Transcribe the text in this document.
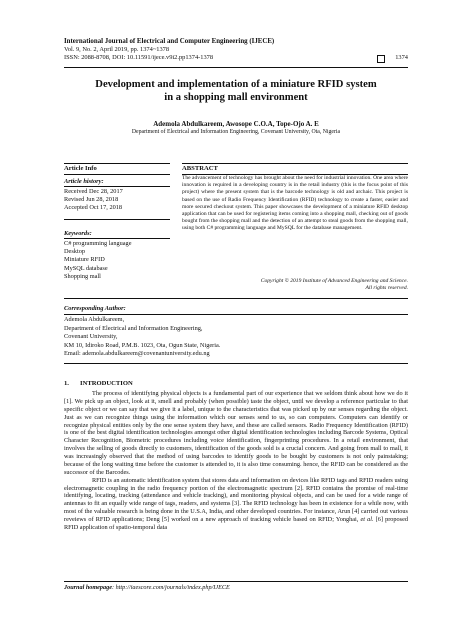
International Journal of Electrical and Computer Engineering (IJECE)
Vol. 9, No. 2, April 2019, pp. 1374~1378
ISSN: 2088-8708, DOI: 10.11591/ijece.v9i2.pp1374-1378	1374
Development and implementation of a miniature RFID system
in a shopping mall environment
Ademola Abdulkareem, Awosope C.O.A, Tope-Ojo A. E
Department of Electrical and Information Engineering, Covenant University, Ota, Nigeria
Article Info	ABSTRACT
Article history:
Received Dec 28, 2017
Revised Jun 28, 2018
Accepted Oct 17, 2018
Keywords:
C# programming language
Desktop
Miniature RFID
MySQL database
Shopping mall
The advancement of technology has brought about the need for industrial innovation. One area where innovation is required in a developing country is in the retail industry (this is the focus point of this project) where the present system that is the barcode technology is old and archaic. This project is based on the use of Radio Frequency Identification (RFID) technology to create a faster, easier and more secured checkout system. This paper showcases the development of a miniature RFID desktop application that can be used for registering items coming into a shopping mall, checking out of goods bought from the shopping mall and the detection of an attempt to steal goods from the shopping mall, using both C# programming language and MySQL for the database management.
Copyright © 2019 Institute of Advanced Engineering and Science.
All rights reserved.
Corresponding Author:
Ademola Abdulkareem,
Department of Electrical and Information Engineering,
Covenant University,
KM 10, Idiroko Road, P.M.B. 1023, Ota, Ogun State, Nigeria.
Email: ademola.abdulkareem@covenantuniversity.edu.ng
1. INTRODUCTION

The process of identifying physical objects is a fundamental part of our experience that we seldom think about how we do it [1]. We pick up an object, look at it, smell and probably (when possible) taste the object, until we develop a reference particular to that specific object or we can say that we give it a label, unique to the characteristics that was picked up by our senses regarding the object. Just as we can recognize things using the information which our senses send to us, so can computers. Computers can identify or recognize physical entities only by the one sense system they have, and these are called sensors. Radio Frequency Identification (RFID) is one of the best digital identification technologies amongst other digital identification technologies including Barcode Systems, Optical Character Recognition, Biometric procedures including voice identification, fingerprinting procedures. In a retail environment, that involves the selling of goods directly to customers, identification of the goods sold is a crucial concern. And going from mall to mall, it was increasingly observed that the method of using barcodes to identify goods to be bought by customers is not only painstaking; because of the long waiting time before the customer is attended to, it is also time consuming. hence, the RFID can be considered as the successor of the Barcodes.

RFID is an automatic identification system that stores data and information on devices like RFID tags and RFID readers using electromagnetic coupling in the radio frequency portion of the electromagnetic spectrum [2]. RFID contains the promise of real-time identifying, locating, tracking (attendance and vehicle tracking), and monitoring physical objects, and can be used for a wide range of antennas to fit an equally wide range of tags, readers, and systems [3]. The RFID technology has been in existence for a while now, with most of the valuable research is being done in the U.S.A, India, and other developed countries. For instance, Arun [4] carried out various reveiews of RFID applications; Deng [5] worked on a new approach of tracking vehicle based on RFID; Yonghai, et al. [6] proposed RFID application of spatio-temporal data

Journal homepage: http://iaescore.com/journals/index.php/IJECE
